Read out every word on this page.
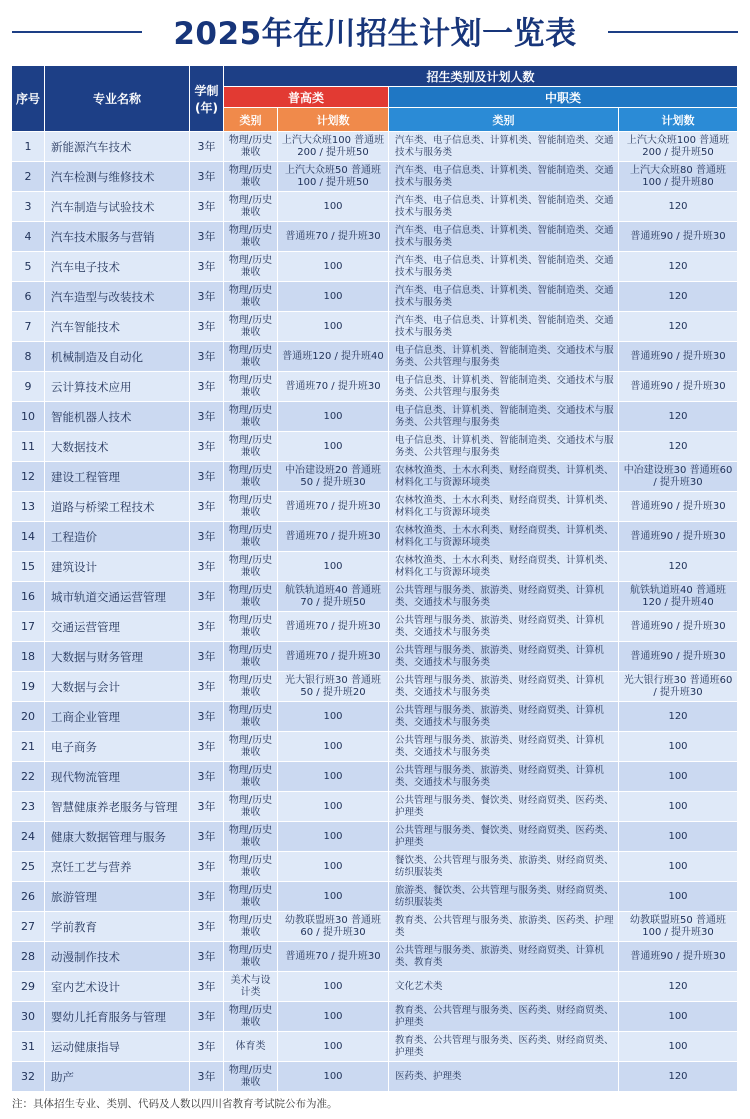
2025年在川招生计划一览表
序号	专业名称	学制 (年)	招生类别及计划人数			
			普高类		中职类	
			类别	计划数	类别	计划数
1	新能源汽车技术	3年	物理/历史 兼收	上汽大众班100 普通班200 / 提升班50	汽车类、电子信息类、计算机类、智能制造类、交通技术与服务类	上汽大众班100 普通班200 / 提升班50
2	汽车检测与维修技术	3年	物理/历史 兼收	上汽大众班50 普通班100 / 提升班50	汽车类、电子信息类、计算机类、智能制造类、交通技术与服务类	上汽大众班80 普通班100 / 提升班80
3	汽车制造与试验技术	3年	物理/历史 兼收	100	汽车类、电子信息类、计算机类、智能制造类、交通技术与服务类	120
4	汽车技术服务与营销	3年	物理/历史 兼收	普通班70 / 提升班30	汽车类、电子信息类、计算机类、智能制造类、交通技术与服务类	普通班90 / 提升班30
5	汽车电子技术	3年	物理/历史 兼收	100	汽车类、电子信息类、计算机类、智能制造类、交通技术与服务类	120
6	汽车造型与改装技术	3年	物理/历史 兼收	100	汽车类、电子信息类、计算机类、智能制造类、交通技术与服务类	120
7	汽车智能技术	3年	物理/历史 兼收	100	汽车类、电子信息类、计算机类、智能制造类、交通技术与服务类	120
8	机械制造及自动化	3年	物理/历史 兼收	普通班120 / 提升班40	电子信息类、计算机类、智能制造类、交通技术与服务类、公共管理与服务类	普通班90 / 提升班30
9	云计算技术应用	3年	物理/历史 兼收	普通班70 / 提升班30	电子信息类、计算机类、智能制造类、交通技术与服务类、公共管理与服务类	普通班90 / 提升班30
10	智能机器人技术	3年	物理/历史 兼收	100	电子信息类、计算机类、智能制造类、交通技术与服务类、公共管理与服务类	120
11	大数据技术	3年	物理/历史 兼收	100	电子信息类、计算机类、智能制造类、交通技术与服务类、公共管理与服务类	120
12	建设工程管理	3年	物理/历史 兼收	中冶建设班20 普通班50 / 提升班30	农林牧渔类、土木水利类、财经商贸类、计算机类、材料化工与资源环境类	中冶建设班30 普通班60 / 提升班30
13	道路与桥梁工程技术	3年	物理/历史 兼收	普通班70 / 提升班30	农林牧渔类、土木水利类、财经商贸类、计算机类、材料化工与资源环境类	普通班90 / 提升班30
14	工程造价	3年	物理/历史 兼收	普通班70 / 提升班30	农林牧渔类、土木水利类、财经商贸类、计算机类、材料化工与资源环境类	普通班90 / 提升班30
15	建筑设计	3年	物理/历史 兼收	100	农林牧渔类、土木水利类、财经商贸类、计算机类、材料化工与资源环境类	120
16	城市轨道交通运营管理	3年	物理/历史 兼收	航铁轨道班40 普通班70 / 提升班50	公共管理与服务类、旅游类、财经商贸类、计算机类、交通技术与服务类	航铁轨道班40 普通班120 / 提升班40
17	交通运营管理	3年	物理/历史 兼收	普通班70 / 提升班30	公共管理与服务类、旅游类、财经商贸类、计算机类、交通技术与服务类	普通班90 / 提升班30
18	大数据与财务管理	3年	物理/历史 兼收	普通班70 / 提升班30	公共管理与服务类、旅游类、财经商贸类、计算机类、交通技术与服务类	普通班90 / 提升班30
19	大数据与会计	3年	物理/历史 兼收	光大银行班30 普通班50 / 提升班20	公共管理与服务类、旅游类、财经商贸类、计算机类、交通技术与服务类	光大银行班30 普通班60 / 提升班30
20	工商企业管理	3年	物理/历史 兼收	100	公共管理与服务类、旅游类、财经商贸类、计算机类、交通技术与服务类	120
21	电子商务	3年	物理/历史 兼收	100	公共管理与服务类、旅游类、财经商贸类、计算机类、交通技术与服务类	100
22	现代物流管理	3年	物理/历史 兼收	100	公共管理与服务类、旅游类、财经商贸类、计算机类、交通技术与服务类	100
23	智慧健康养老服务与管理	3年	物理/历史 兼收	100	公共管理与服务类、餐饮类、财经商贸类、医药类、护理类	100
24	健康大数据管理与服务	3年	物理/历史 兼收	100	公共管理与服务类、餐饮类、财经商贸类、医药类、护理类	100
25	烹饪工艺与营养	3年	物理/历史 兼收	100	餐饮类、公共管理与服务类、旅游类、财经商贸类、纺织服装类	100
26	旅游管理	3年	物理/历史 兼收	100	旅游类、餐饮类、公共管理与服务类、财经商贸类、纺织服装类	100
27	学前教育	3年	物理/历史 兼收	幼教联盟班30 普通班60 / 提升班30	教育类、公共管理与服务类、旅游类、医药类、护理类	幼教联盟班50 普通班100 / 提升班30
28	动漫制作技术	3年	物理/历史 兼收	普通班70 / 提升班30	公共管理与服务类、旅游类、财经商贸类、计算机类、教育类	普通班90 / 提升班30
29	室内艺术设计	3年	美术与设计类	100	文化艺术类	120
30	婴幼儿托育服务与管理	3年	物理/历史 兼收	100	教育类、公共管理与服务类、医药类、财经商贸类、护理类	100
31	运动健康指导	3年	体育类	100	教育类、公共管理与服务类、医药类、财经商贸类、护理类	100
32	助产	3年	物理/历史 兼收	100	医药类、护理类	120
注：具体招生专业、类别、代码及人数以四川省教育考试院公布为准。
